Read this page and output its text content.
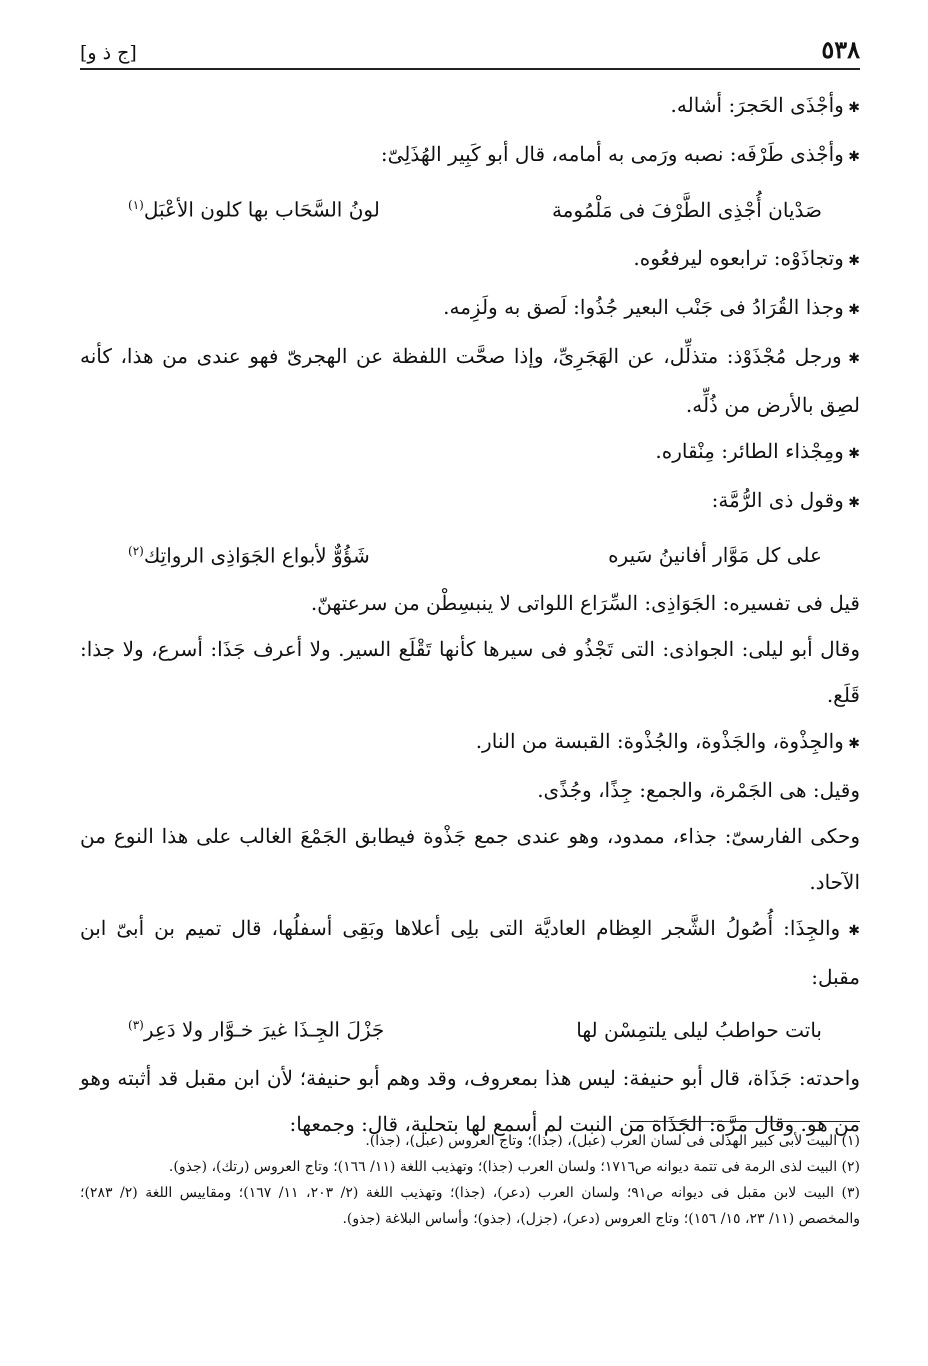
٥٣٨
[ج ذ و]

✱ وأجْذَى الحَجرَ: أشاله.

✱ وأجْذى طَرْفَه: نصبه ورَمى به أمامه، قال أبو كَبِير الهُذَلِىّ:

صَدْيان أُجْذِى الطَّرْفَ فى مَلْمُومة
لونُ السَّحَاب بها كلون الأعْبَل$^{(١)}$

✱ وتجاذَوْه: ترابعوه ليرفعُوه.

✱ وجذا القُرَادُ فى جَنْب البعير جُذُوا: لَصق به ولَزِمه.

✱ ورجل مُجْذَوْذ: متذلِّل، عن الهَجَرِىِّ، وإذا صحَّت اللفظة عن الهجرىّ فهو عندى من هذا، كأنه لصِق بالأرض من ذُلِّه.

✱ ومِجْذاء الطائر: مِنْقاره.

✱ وقول ذى الرُّمَّة:

على كل مَوَّار أفانينُ سَيره
شَؤُوٌّ لأبواع الجَوَاذِى الرواتِك$^{(٢)}$

قيل فى تفسيره: الجَوَاذِى: السِّرَاع اللواتى لا ينبسِطْن من سرعتهنّ.

وقال أبو ليلى: الجواذى: التى تَجْذُو فى سيرها كأنها تَقْلَع السير. ولا أعرف جَذَا: أسرع، ولا جذا: قَلَع.

✱ والجِذْوة، والجَذْوة، والجُذْوة: القبسة من النار.

وقيل: هى الجَمْرة، والجمع: جِذًا، وجُذًى.

وحكى الفارسىّ: جذاء، ممدود، وهو عندى جمع جَذْوة فيطابق الجَمْعَ الغالب على هذا النوع من الآحاد.

✱ والجِذَا: أُصُولُ الشَّجر العِظام العاديَّة التى بلِى أعلاها وبَقِى أسفلُها، قال تميم بن أبىّ ابن مقبل:

باتت حواطبُ ليلى يلتمِسْن لها
جَزْلَ الجِـذَا غيرَ خـوَّار ولا دَعِر$^{(٣)}$

واحدته: جَذَاة، قال أبو حنيفة: ليس هذا بمعروف، وقد وهم أبو حنيفة؛ لأن ابن مقبل قد أثبته وهو من هو. وقال مرَّة: الجَذَاة من النبت لم أسمع لها بتحلية، قال: وجمعها:

(١) البيت لأبى كبير الهذلى فى لسان العرب (عبل)، (جذا)؛ وتاج العروس (عبل)، (جذا).

(٢) البيت لذى الرمة فى تتمة ديوانه ص١٧١٦؛ ولسان العرب (جذا)؛ وتهذيب اللغة (١١/ ١٦٦)؛ وتاج العروس (رتك)، (جذو).

(٣) البيت لابن مقبل فى ديوانه ص٩١؛ ولسان العرب (دعر)، (جذا)؛ وتهذيب اللغة (٢/ ٢٠٣، ١١/ ١٦٧)؛ ومقاييس اللغة (٢/ ٢٨٣)؛ والمخصص (١١/ ٢٣، ١٥/ ١٥٦)؛ وتاج العروس (دعر)، (جزل)، (جذو)؛ وأساس البلاغة (جذو).
